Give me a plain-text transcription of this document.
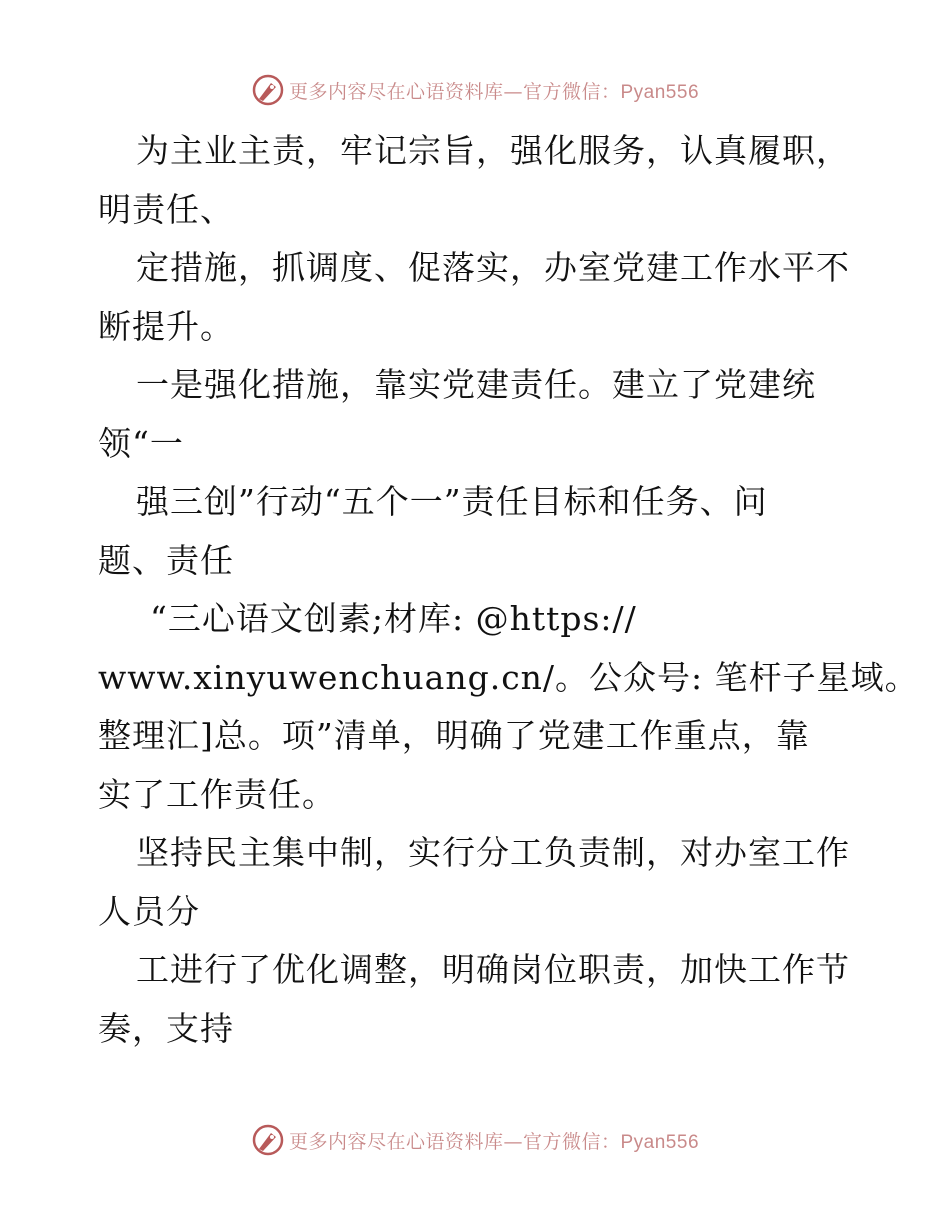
更多内容尽在心语资料库—官方微信：Pyan556
为主业主责，牢记宗旨，强化服务，认真履职，
明责任、
定措施，抓调度、促落实，办室党建工作水平不
断提升。
一是强化措施，靠实党建责任。建立了党建统
领“一
强三创”行动“五个一”责任目标和任务、问
题、责任
“三心语文创素;材库: @https://
www.xinyuwenchuang.cn/。公众号: 笔杆子星域。
整理汇]总。项”清单，明确了党建工作重点，靠
实了工作责任。
坚持民主集中制，实行分工负责制，对办室工作
人员分
工进行了优化调整，明确岗位职责，加快工作节
奏，支持
更多内容尽在心语资料库—官方微信：Pyan556
